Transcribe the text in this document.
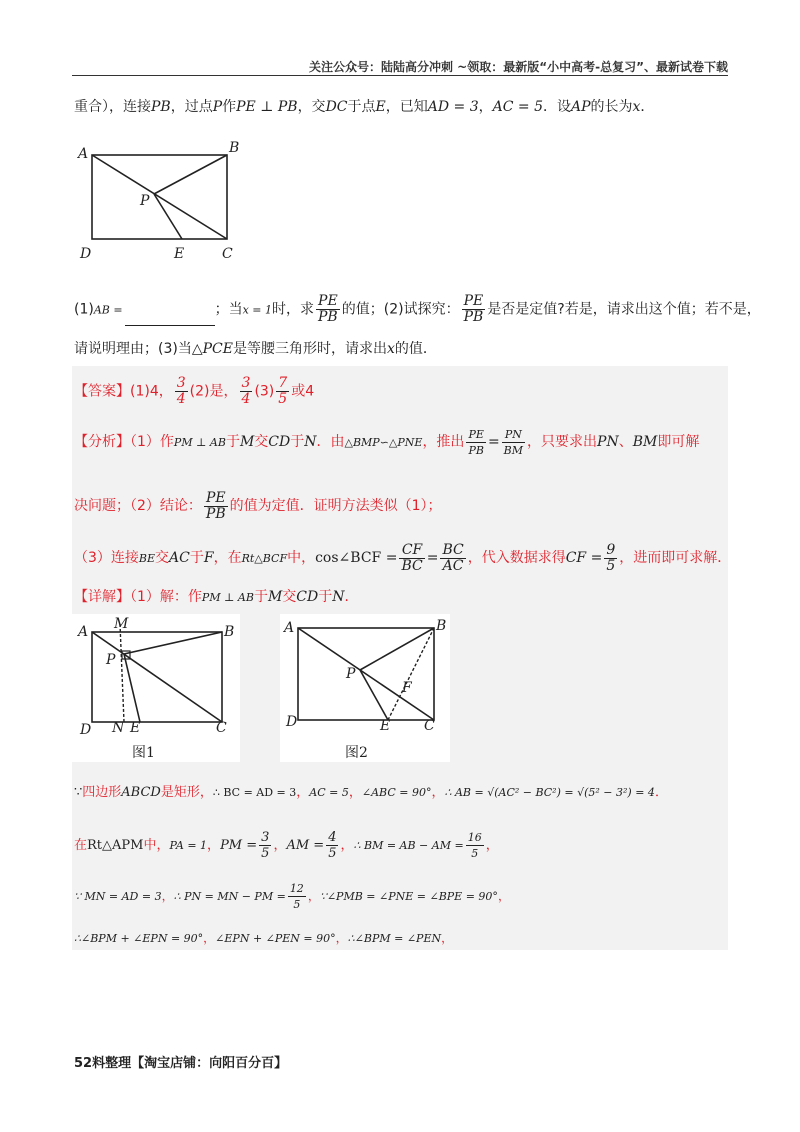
关注公众号：陆陆高分冲刺 ~领取：最新版“小中高考-总复习”、最新试卷下载
重合），连接PB，过点P作PE ⊥ PB，交DC于点E，已知AD = 3，AC = 5．设AP的长为x．
A	B
P
D	E	C
(1)AB =	；当x = 1时，求 $\frac{PE}{PB}$ 的值；(2)试探究： $\frac{PE}{PB}$ 是否是定值?若是，请求出这个值；若不是，
请说明理由；(3)当△PCE是等腰三角形时，请求出x的值．
【答案】(1)4， $\frac{3}{4} (2)$是， $\frac{3}{4} (3) \frac{7}{5}$ 或4
【分析】（1）作PM ⊥ AB于M交CD于N．由△BMP∽△PNE，推出 $\frac{PE}{PB} = \frac{PN}{BM}$ ，只要求出PN、BM即可解
决问题；（2）结论： $\frac{PE}{PB}$ 的值为定值．证明方法类似（1）；
（3）连接BE交AC于F，在Rt△BCF中，cos∠BCF = $\frac{CF}{BC} = \frac{BC}{AC}$ ，代入数据求得CF = $\frac{9}{5}$ ，进而即可求解．
【详解】（1）解：作PM ⊥ AB于M交CD于N．
A M	B
P
D N E	C
图1
A	B
P
F
D	E C
图2
∵四边形ABCD是矩形，∴ BC = AD = 3，AC = 5，∠ABC = 90°，∴ AB = √(AC² − BC²) = √(5² − 3²) = 4．
在Rt△APM中，PA = 1，PM = $\frac{3}{5}$ ，AM = $\frac{4}{5}$ ，∴ BM = AB − AM = $\frac{16}{5}$ ，
∵ MN = AD = 3，∴ PN = MN − PM = $\frac{12}{5}$ ，∵∠PMB = ∠PNE = ∠BPE = 90°，
∴∠BPM + ∠EPN = 90°，∠EPN + ∠PEN = 90°，∴∠BPM = ∠PEN，
52料整理【淘宝店铺：向阳百分百】
